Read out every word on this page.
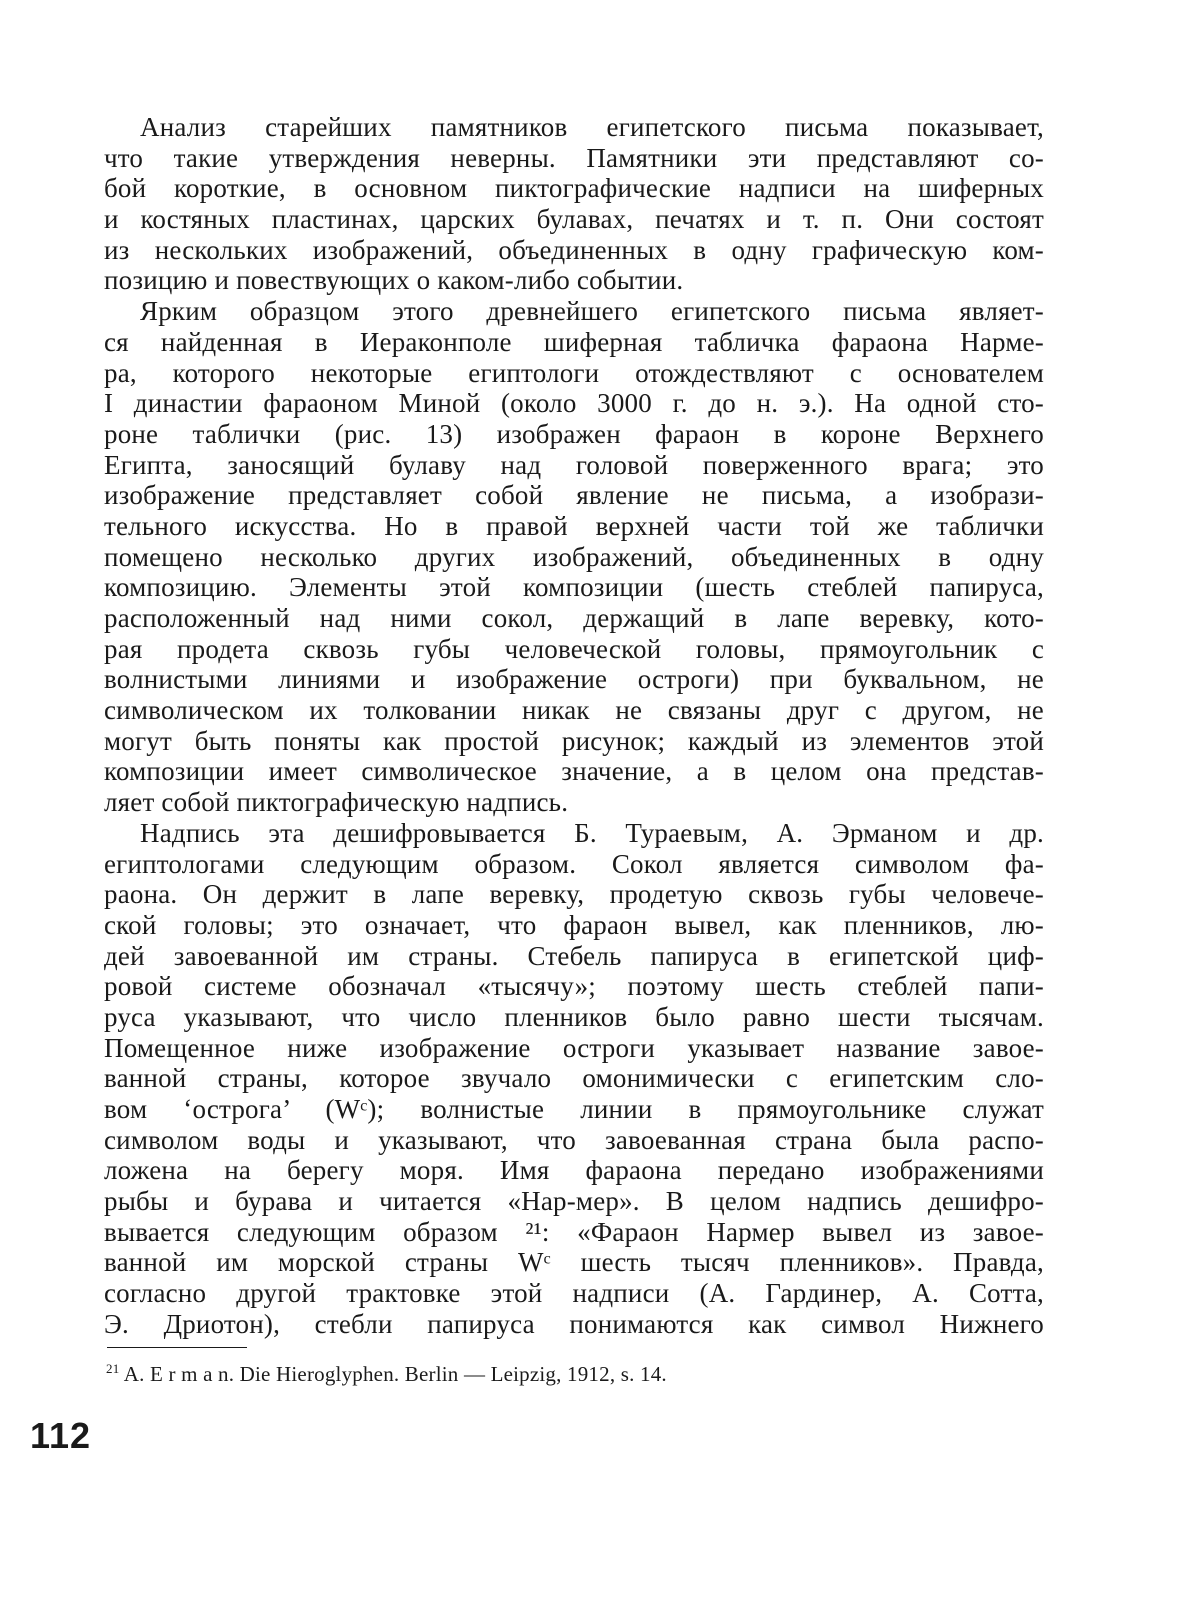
Анализ старейших памятников египетского письма показывает,
что такие утверждения неверны. Памятники эти представляют со-
бой короткие, в основном пиктографические надписи на шиферных
и костяных пластинах, царских булавах, печатях и т. п. Они состоят
из нескольких изображений, объединенных в одну графическую ком-
позицию и повествующих о каком-либо событии.
Ярким образцом этого древнейшего египетского письма являет-
ся найденная в Иераконполе шиферная табличка фараона Нарме-
ра, которого некоторые египтологи отождествляют с основателем
I династии фараоном Миной (около 3000 г. до н. э.). На одной сто-
роне таблички (рис. 13) изображен фараон в короне Верхнего
Египта, заносящий булаву над головой поверженного врага; это
изображение представляет собой явление не письма, а изобрази-
тельного искусства. Но в правой верхней части той же таблички
помещено несколько других изображений, объединенных в одну
композицию. Элементы этой композиции (шесть стеблей папируса,
расположенный над ними сокол, держащий в лапе веревку, кото-
рая продета сквозь губы человеческой головы, прямоугольник с
волнистыми линиями и изображение остроги) при буквальном, не
символическом их толковании никак не связаны друг с другом, не
могут быть поняты как простой рисунок; каждый из элементов этой
композиции имеет символическое значение, а в целом она представ-
ляет собой пиктографическую надпись.
Надпись эта дешифровывается Б. Тураевым, А. Эрманом и др.
египтологами следующим образом. Сокол является символом фа-
раона. Он держит в лапе веревку, продетую сквозь губы человече-
ской головы; это означает, что фараон вывел, как пленников, лю-
дей завоеванной им страны. Стебель папируса в египетской циф-
ровой системе обозначал «тысячу»; поэтому шесть стеблей папи-
руса указывают, что число пленников было равно шести тысячам.
Помещенное ниже изображение остроги указывает название завое-
ванной страны, которое звучало омонимически с египетским сло-
вом ‘острога’ (Wᶜ); волнистые линии в прямоугольнике служат
символом воды и указывают, что завоеванная страна была распо-
ложена на берегу моря. Имя фараона передано изображениями
рыбы и бурава и читается «Нар-мер». В целом надпись дешифро-
вывается следующим образом ²¹: «Фараон Нармер вывел из завое-
ванной им морской страны Wᶜ шесть тысяч пленников». Правда,
согласно другой трактовке этой надписи (А. Гардинер, А. Сотта,
Э. Дриотон), стебли папируса понимаются как символ Нижнего
$^{21}$ A. E r m a n. Die Hieroglyphen. Berlin — Leipzig, 1912, s. 14.
112
